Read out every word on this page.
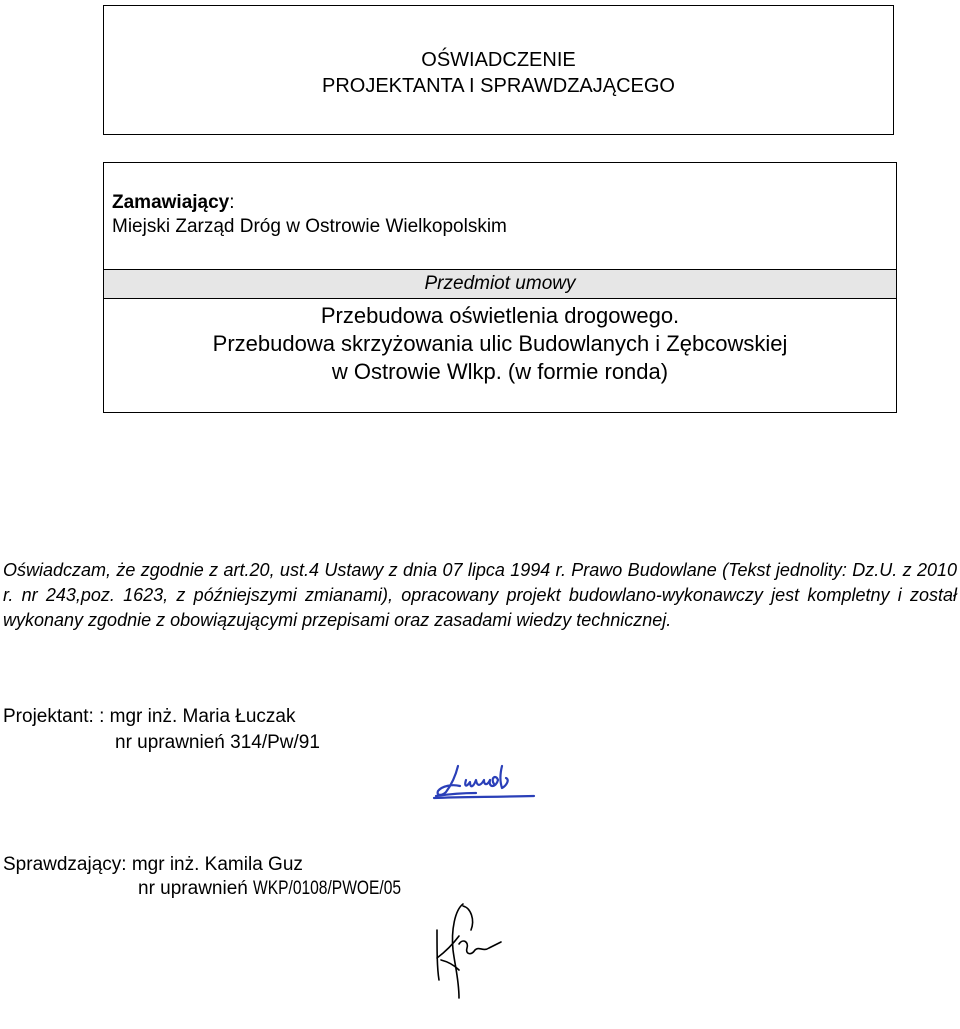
OŚWIADCZENIE
PROJEKTANTA I SPRAWDZAJĄCEGO
Zamawiający:
Miejski Zarząd Dróg w Ostrowie Wielkopolskim
Przedmiot umowy
Przebudowa oświetlenia drogowego.
Przebudowa skrzyżowania ulic Budowlanych i Zębcowskiej
w Ostrowie Wlkp. (w formie ronda)
Oświadczam, że zgodnie z art.20, ust.4 Ustawy z dnia 07 lipca 1994 r. Prawo Budowlane (Tekst jednolity: Dz.U. z 2010 r. nr 243,poz. 1623, z późniejszymi zmianami), opracowany projekt budowlano-wykonawczy jest kompletny i został wykonany zgodnie z obowiązującymi przepisami oraz zasadami wiedzy technicznej.
Projektant: : mgr inż. Maria Łuczak
nr uprawnień 314/Pw/91
Sprawdzający: mgr inż. Kamila Guz
nr uprawnień WKP/0108/PWOE/05
